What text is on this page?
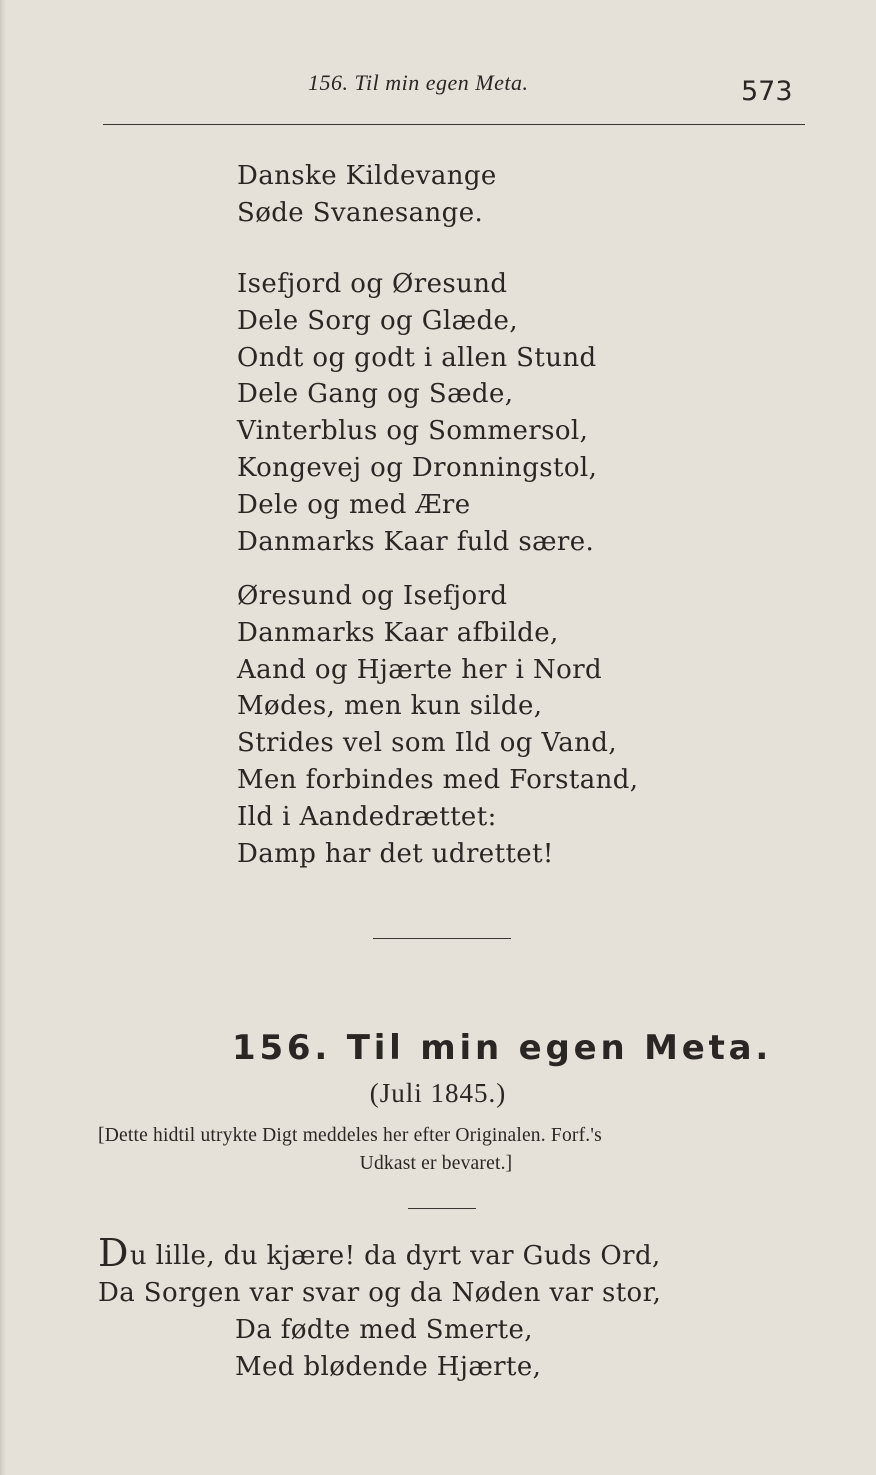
156. Til min egen Meta.	573
Danske Kildevange
Søde Svanesange.
Isefjord og Øresund
Dele Sorg og Glæde,
Ondt og godt i allen Stund
Dele Gang og Sæde,
Vinterblus og Sommersol,
Kongevej og Dronningstol,
Dele og med Ære
Danmarks Kaar fuld sære.
Øresund og Isefjord
Danmarks Kaar afbilde,
Aand og Hjærte her i Nord
Mødes, men kun silde,
Strides vel som Ild og Vand,
Men forbindes med Forstand,
Ild i Aandedrættet:
Damp har det udrettet!
156. Til min egen Meta.
(Juli 1845.)
[Dette hidtil utrykte Digt meddeles her efter Originalen. Forf.'s
Udkast er bevaret.]
Du lille, du kjære! da dyrt var Guds Ord,
Da Sorgen var svar og da Nøden var stor,
Da fødte med Smerte,
Med blødende Hjærte,
